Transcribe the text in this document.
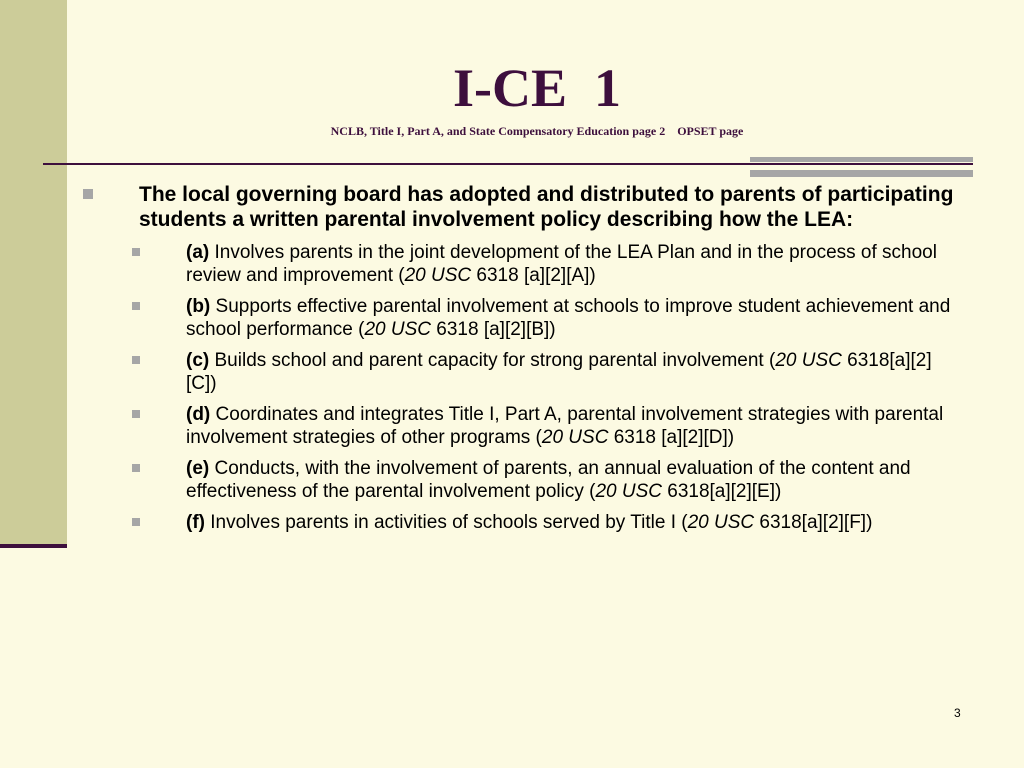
I-CE  1
NCLB, Title I, Part A, and State Compensatory Education page 2    OPSET page
The local governing board has adopted and distributed to parents of participating students a written parental involvement policy describing how the LEA:
(a) Involves parents in the joint development of the LEA Plan and in the process of school review and improvement (20 USC 6318 [a][2][A])
(b) Supports effective parental involvement at schools to improve student achievement and school performance (20 USC 6318 [a][2][B])
(c) Builds school and parent capacity for strong parental involvement (20 USC 6318[a][2][C])
(d) Coordinates and integrates Title I, Part A, parental involvement strategies with parental involvement strategies of other programs (20 USC 6318 [a][2][D])
(e) Conducts, with the involvement of parents, an annual evaluation of the content and effectiveness of the parental involvement policy (20 USC 6318[a][2][E])
(f) Involves parents in activities of schools served by Title I (20 USC 6318[a][2][F])
3
